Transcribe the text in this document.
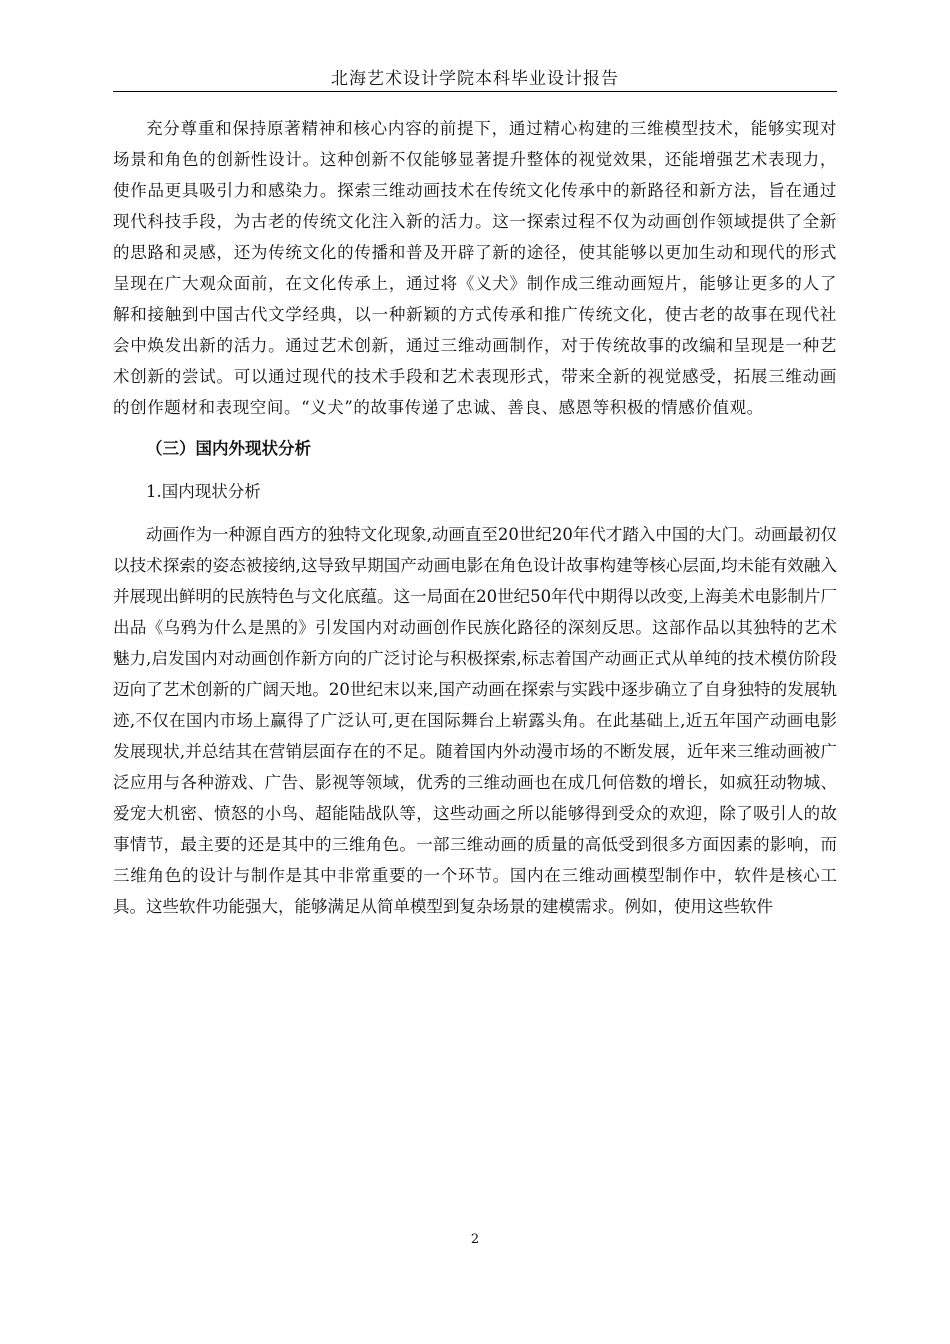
北海艺术设计学院本科毕业设计报告

充分尊重和保持原著精神和核心内容的前提下，通过精心构建的三维模型技术，能够实现对场景和角色的创新性设计。这种创新不仅能够显著提升整体的视觉效果，还能增强艺术表现力，使作品更具吸引力和感染力。探索三维动画技术在传统文化传承中的新路径和新方法，旨在通过现代科技手段，为古老的传统文化注入新的活力。这一探索过程不仅为动画创作领域提供了全新的思路和灵感，还为传统文化的传播和普及开辟了新的途径，使其能够以更加生动和现代的形式呈现在广大观众面前，在文化传承上，通过将《义犬》制作成三维动画短片，能够让更多的人了解和接触到中国古代文学经典，以一种新颖的方式传承和推广传统文化，使古老的故事在现代社会中焕发出新的活力。通过艺术创新，通过三维动画制作，对于传统故事的改编和呈现是一种艺术创新的尝试。可以通过现代的技术手段和艺术表现形式，带来全新的视觉感受，拓展三维动画的创作题材和表现空间。“义犬”的故事传递了忠诚、善良、感恩等积极的情感价值观。

（三）国内外现状分析

1.国内现状分析

动画作为一种源自西方的独特文化现象,动画直至20世纪20年代才踏入中国的大门。动画最初仅以技术探索的姿态被接纳,这导致早期国产动画电影在角色设计故事构建等核心层面,均未能有效融入并展现出鲜明的民族特色与文化底蕴。这一局面在20世纪50年代中期得以改变,上海美术电影制片厂出品《乌鸦为什么是黑的》引发国内对动画创作民族化路径的深刻反思。这部作品以其独特的艺术魅力,启发国内对动画创作新方向的广泛讨论与积极探索,标志着国产动画正式从单纯的技术模仿阶段迈向了艺术创新的广阔天地。20世纪末以来,国产动画在探索与实践中逐步确立了自身独特的发展轨迹,不仅在国内市场上赢得了广泛认可,更在国际舞台上崭露头角。在此基础上,近五年国产动画电影发展现状,并总结其在营销层面存在的不足。随着国内外动漫市场的不断发展，近年来三维动画被广泛应用与各种游戏、广告、影视等领域，优秀的三维动画也在成几何倍数的增长，如疯狂动物城、爱宠大机密、愤怒的小鸟、超能陆战队等，这些动画之所以能够得到受众的欢迎，除了吸引人的故事情节，最主要的还是其中的三维角色。一部三维动画的质量的高低受到很多方面因素的影响，而三维角色的设计与制作是其中非常重要的一个环节。国内在三维动画模型制作中，软件是核心工具。这些软件功能强大，能够满足从简单模型到复杂场景的建模需求。例如，使用这些软件

2
